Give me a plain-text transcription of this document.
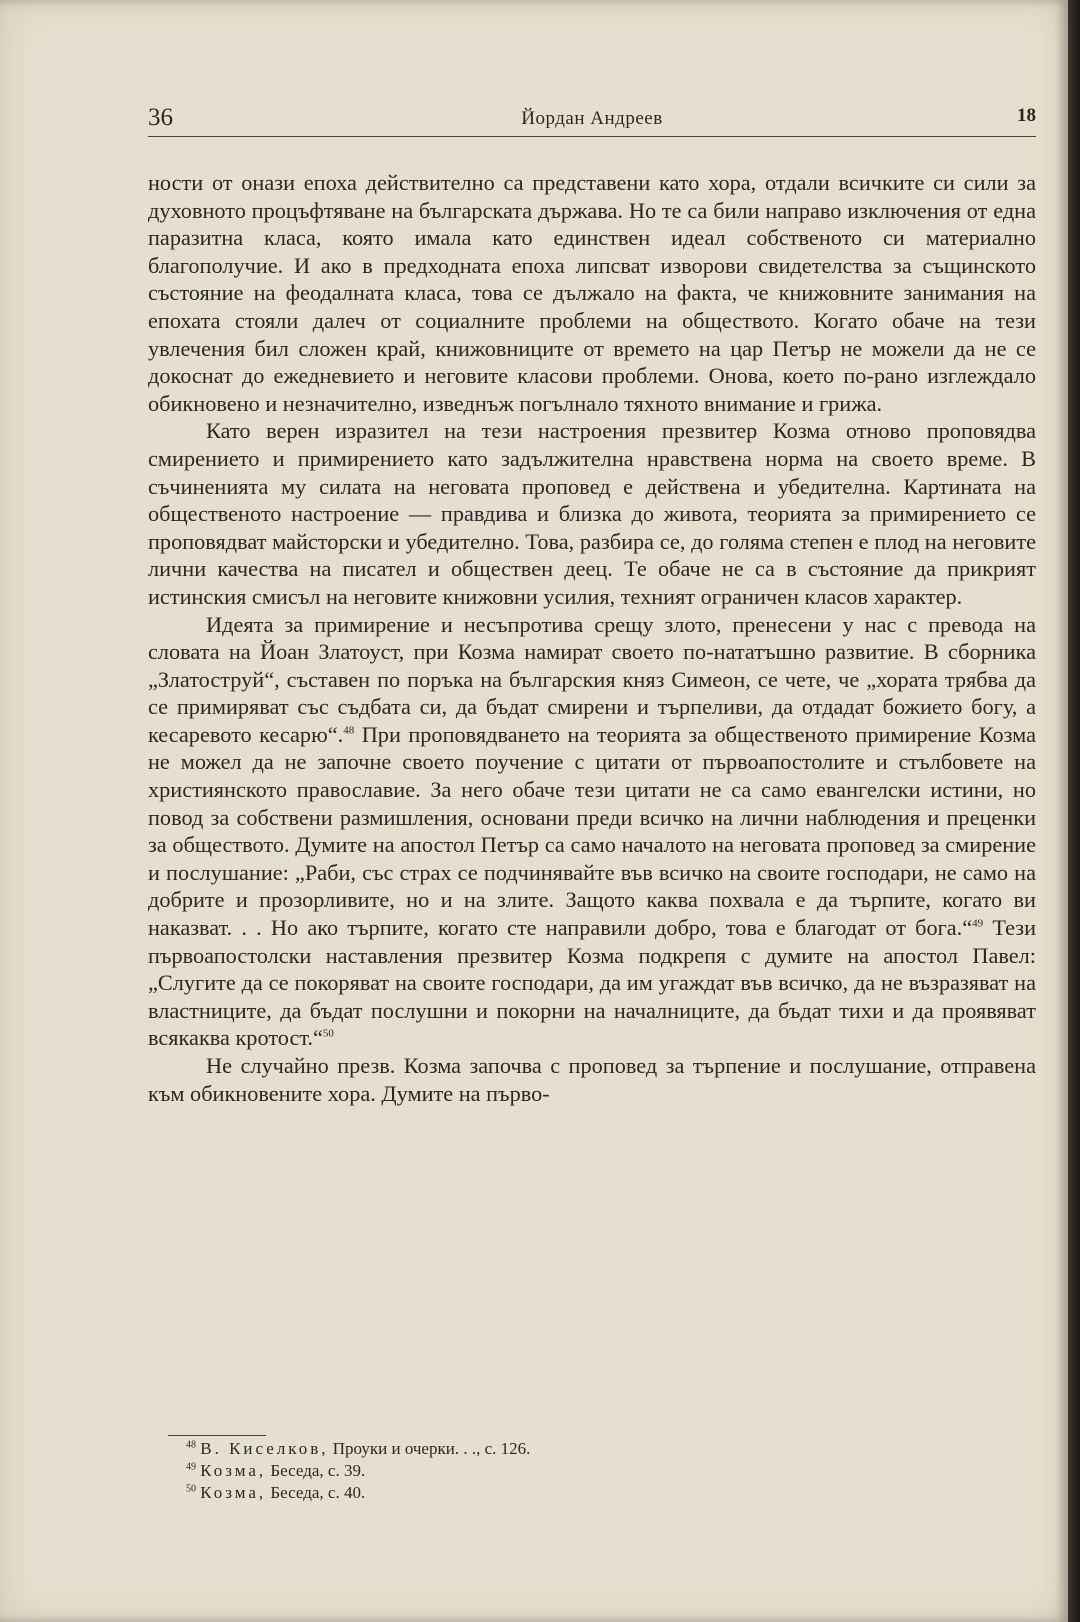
36	Йордан Андреев	18

ности от онази епоха действително са представени като хора, отдали всичките си сили за духовното процъфтяване на българската държава. Но те са били направо изключения от една паразитна класа, която имала като единствен идеал собственото си материално благополучие. И ако в предходната епоха липсват изворови свидетелства за същинското състояние на феодалната класа, това се дължало на факта, че книжовните занимания на епохата стояли далеч от социалните проблеми на обществото. Когато обаче на тези увлечения бил сложен край, книжовниците от времето на цар Петър не можели да не се докоснат до ежедневието и неговите класови проблеми. Онова, което по-рано изглеждало обикновено и незначително, изведнъж погълнало тяхното внимание и грижа.

Като верен изразител на тези настроения презвитер Козма отново проповядва смирението и примирението като задължителна нравствена норма на своето време. В съчиненията му силата на неговата проповед е действена и убедителна. Картината на общественото настроение — правдива и близка до живота, теорията за примирението се проповядват майсторски и убедително. Това, разбира се, до голяма степен е плод на неговите лични качества на писател и обществен деец. Те обаче не са в състояние да прикрият истинския смисъл на неговите книжовни усилия, техният ограничен класов характер.

Идеята за примирение и несъпротива срещу злото, пренесени у нас с превода на словата на Йоан Златоуст, при Козма намират своето по-нататъшно развитие. В сборника „Златоструй“, съставен по поръка на българския княз Симеон, се чете, че „хората трябва да се примиряват със съдбата си, да бъдат смирени и търпеливи, да отдадат божието богу, а кесаревото кесарю“.$^{48}$ При проповядването на теорията за общественото примирение Козма не можел да не започне своето поучение с цитати от първоапостолите и стълбовете на християнското православие. За него обаче тези цитати не са само евангелски истини, но повод за собствени размишления, основани преди всичко на лични наблюдения и преценки за обществото. Думите на апостол Петър са само началото на неговата проповед за смирение и послушание: „Раби, със страх се подчинявайте във всичко на своите господари, не само на добрите и прозорливите, но и на злите. Защото каква похвала е да търпите, когато ви наказват. . . Но ако търпите, когато сте направили добро, това е благодат от бога.“$^{49}$ Тези първоапостолски наставления презвитер Козма подкрепя с думите на апостол Павел: „Слугите да се покоряват на своите господари, да им угаждат във всичко, да не възразяват на властниците, да бъдат послушни и покорни на началниците, да бъдат тихи и да проявяват всякаква кротост.“$^{50}$

Не случайно презв. Козма започва с проповед за търпение и послушание, отправена към обикновените хора. Думите на първо-

$^{48}$ В. Киселков, Проуки и очерки. . ., с. 126.
$^{49}$ Козма, Беседа, с. 39.
$^{50}$ Козма, Беседа, с. 40.
